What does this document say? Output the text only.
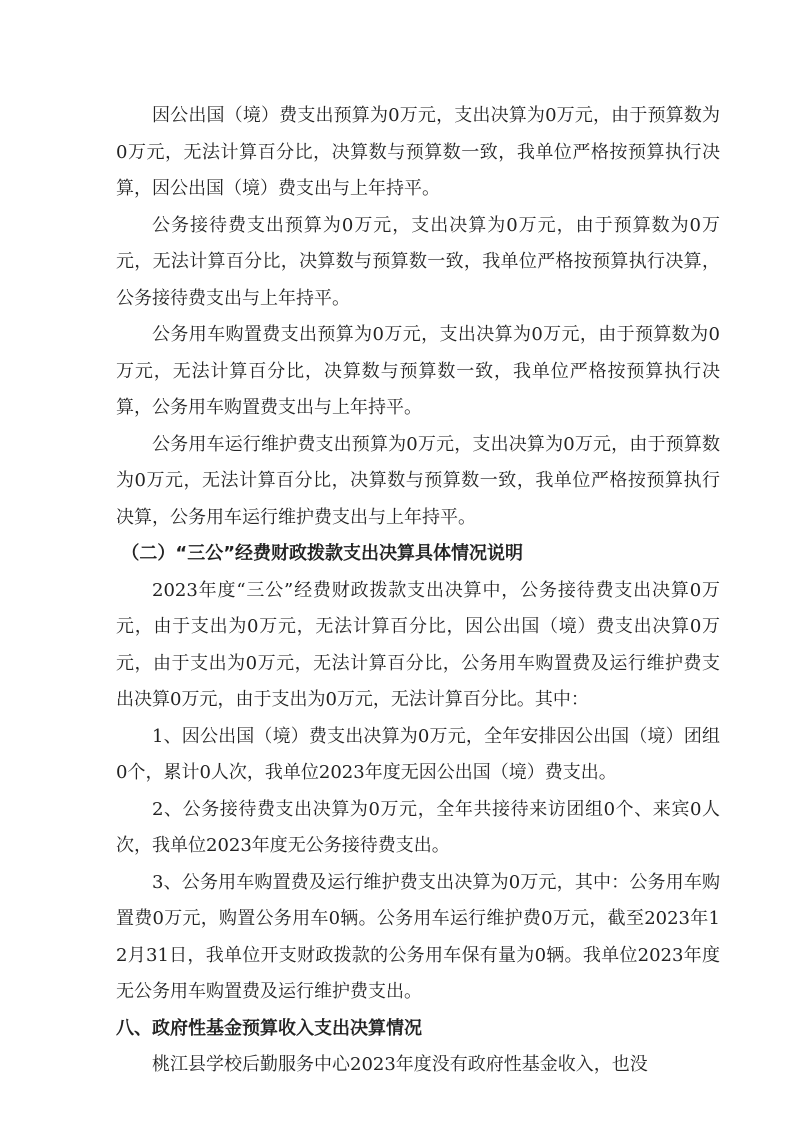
因公出国（境）费支出预算为0万元，支出决算为0万元，由于预算数为0万元，无法计算百分比，决算数与预算数一致，我单位严格按预算执行决算，因公出国（境）费支出与上年持平。

公务接待费支出预算为0万元，支出决算为0万元，由于预算数为0万元，无法计算百分比，决算数与预算数一致，我单位严格按预算执行决算，公务接待费支出与上年持平。

公务用车购置费支出预算为0万元，支出决算为0万元，由于预算数为0万元，无法计算百分比，决算数与预算数一致，我单位严格按预算执行决算，公务用车购置费支出与上年持平。

公务用车运行维护费支出预算为0万元，支出决算为0万元，由于预算数为0万元，无法计算百分比，决算数与预算数一致，我单位严格按预算执行决算，公务用车运行维护费支出与上年持平。

（二）“三公”经费财政拨款支出决算具体情况说明

2023年度“三公”经费财政拨款支出决算中，公务接待费支出决算0万元，由于支出为0万元，无法计算百分比，因公出国（境）费支出决算0万元，由于支出为0万元，无法计算百分比，公务用车购置费及运行维护费支出决算0万元，由于支出为0万元，无法计算百分比。其中：

1、因公出国（境）费支出决算为0万元，全年安排因公出国（境）团组0个，累计0人次，我单位2023年度无因公出国（境）费支出。

2、公务接待费支出决算为0万元，全年共接待来访团组0个、来宾0人次，我单位2023年度无公务接待费支出。

3、公务用车购置费及运行维护费支出决算为0万元，其中：公务用车购置费0万元，购置公务用车0辆。公务用车运行维护费0万元，截至2023年12月31日，我单位开支财政拨款的公务用车保有量为0辆。我单位2023年度无公务用车购置费及运行维护费支出。

八、政府性基金预算收入支出决算情况

桃江县学校后勤服务中心2023年度没有政府性基金收入，也没
